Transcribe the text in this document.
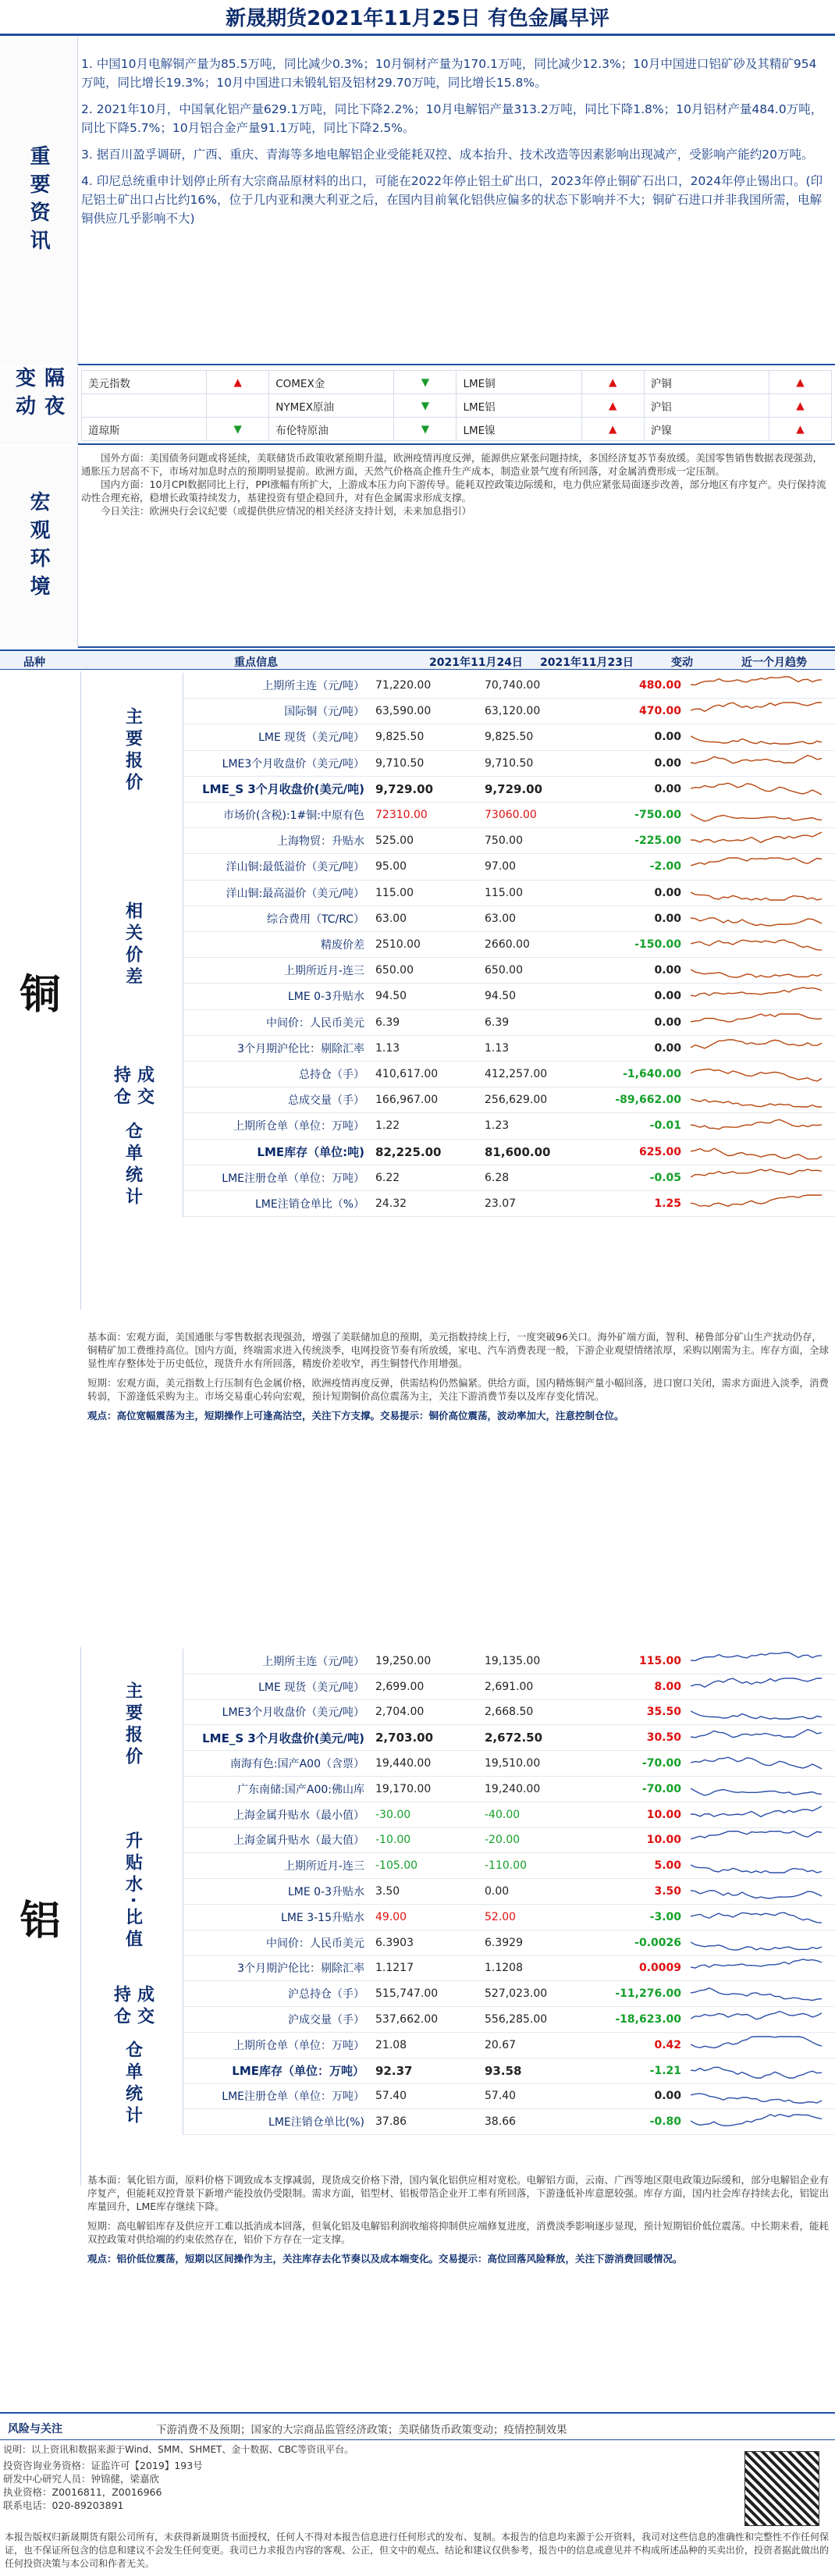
新晟期货2021年11月25日 有色金属早评
重要资讯

1. 中国10月电解铜产量为85.5万吨，同比减少0.3%；10月铜材产量为170.1万吨，同比减少12.3%；10月中国进口铝矿砂及其精矿954万吨，同比增长19.3%；10月中国进口未锻轧铝及铝材29.70万吨，同比增长15.8%。

2. 2021年10月，中国氧化铝产量629.1万吨，同比下降2.2%；10月电解铝产量313.2万吨，同比下降1.8%；10月铝材产量484.0万吨，同比下降5.7%；10月铝合金产量91.1万吨，同比下降2.5%。

3. 据百川盈孚调研，广西、重庆、青海等多地电解铝企业受能耗双控、成本抬升、技术改造等因素影响出现减产，受影响产能约20万吨。

4. 印尼总统重申计划停止所有大宗商品原材料的出口，可能在2022年停止铝土矿出口，2023年停止铜矿石出口，2024年停止锡出口。(印尼铝土矿出口占比约16%，位于几内亚和澳大利亚之后，在国内目前氧化铝供应偏多的状态下影响并不大；铜矿石进口并非我国所需，电解铜供应几乎影响不大)

隔夜变动	美元指数	▲	COMEX金	▼	LME铜	▲	沪铜	▲
		NYMEX原油	▼	LME铝	▲	沪铝	▲
道琼斯	▼	布伦特原油	▼	LME镍	▲	沪镍	▲
宏观环境

国外方面：美国债务问题或将延续，美联储货币政策收紧预期升温，欧洲疫情再度反弹，能源供应紧张问题持续，多国经济复苏节奏放缓。美国零售销售数据表现强劲，通胀压力居高不下，市场对加息时点的预期明显提前。欧洲方面，天然气价格高企推升生产成本，制造业景气度有所回落，对金属消费形成一定压制。

国内方面：10月CPI数据同比上行，PPI涨幅有所扩大，上游成本压力向下游传导。能耗双控政策边际缓和，电力供应紧张局面逐步改善，部分地区有序复产。央行保持流动性合理充裕，稳增长政策持续发力，基建投资有望企稳回升，对有色金属需求形成支撑。

今日关注：欧洲央行会议纪要（或提供供应情况的相关经济支持计划，未来加息指引）

品种	重点信息	2021年11月24日 2021年11月23日	变动	近一个月趋势
铜
主要报价
上期所主连（元/吨）	71,220.00	70,740.00	480.00
国际铜（元/吨）	63,590.00	63,120.00	470.00
LME 现货（美元/吨）	9,825.50	9,825.50	0.00
LME3个月收盘价（美元/吨）	9,710.50	9,710.50	0.00
LME_S 3个月收盘价(美元/吨) 9,729.00	9,729.00	0.00
市场价(含税):1#铜:中原有色	72310.00	73060.00	-750.00
相关价差
上海物贸：升贴水	525.00	750.00	-225.00
洋山铜:最低溢价（美元/吨）	95.00	97.00	-2.00
洋山铜:最高溢价（美元/吨）	115.00	115.00	0.00
综合费用（TC/RC）	63.00	63.00	0.00
精废价差	2510.00	2660.00	-150.00
上期所近月-连三	650.00	650.00	0.00
LME 0-3升贴水	94.50	94.50	0.00
中间价：人民币美元	6.39	6.39	0.00
3个月期沪伦比：剔除汇率	1.13	1.13	0.00
成交持仓	总持仓（手）	410,617.00	412,257.00	-1,640.00
总成交量（手）	166,967.00	256,629.00	-89,662.00
仓单统计	上期所仓单（单位：万吨）	1.22	1.23	-0.01
LME库存（单位:吨) 82,225.00	81,600.00	625.00
LME注册仓单（单位：万吨）	6.22	6.28	-0.05
LME注销仓单比（%）	24.32	23.07	1.25

基本面：宏观方面，美国通胀与零售数据表现强劲，增强了美联储加息的预期，美元指数持续上行，一度突破96关口。海外矿端方面，智利、秘鲁部分矿山生产扰动仍存，铜精矿加工费维持高位。国内方面，终端需求进入传统淡季，电网投资节奏有所放缓，家电、汽车消费表现一般，下游企业观望情绪浓厚，采购以刚需为主。库存方面，全球显性库存整体处于历史低位，现货升水有所回落，精废价差收窄，再生铜替代作用增强。

短期：宏观方面，美元指数上行压制有色金属价格，欧洲疫情再度反弹，供需结构仍然偏紧。供给方面，国内精炼铜产量小幅回落，进口窗口关闭，需求方面进入淡季，消费转弱，下游逢低采购为主。市场交易重心转向宏观，预计短期铜价高位震荡为主，关注下游消费节奏以及库存变化情况。

观点：高位宽幅震荡为主，短期操作上可逢高沽空，关注下方支撑。交易提示：铜价高位震荡，波动率加大，注意控制仓位。

铝
主要报价
上期所主连（元/吨）	19,250.00	19,135.00	115.00
LME 现货（美元/吨）	2,699.00	2,691.00	8.00
LME3个月收盘价（美元/吨）	2,704.00	2,668.50	35.50
LME_S 3个月收盘价(美元/吨) 2,703.00	2,672.50	30.50
南海有色:国产A00（含票）	19,440.00	19,510.00	-70.00
广东南储:国产A00:佛山库	19,170.00	19,240.00	-70.00
升贴水·比值
上海金属升贴水（最小值）	-30.00	-40.00	10.00
上海金属升贴水（最大值）	-10.00	-20.00	10.00
上期所近月-连三	-105.00	-110.00	5.00
LME 0-3升贴水	3.50	0.00	3.50
LME 3-15升贴水	49.00	52.00	-3.00
中间价：人民币美元	6.3903	6.3929	-0.0026
3个月期沪伦比：剔除汇率	1.1217	1.1208	0.0009
成交持仓	沪总持仓（手）	515,747.00	527,023.00	-11,276.00
沪成交量（手）	537,662.00	556,285.00	-18,623.00
仓单统计	上期所仓单（单位：万吨）	21.08	20.67	0.42
LME库存（单位：万吨） 92.37	93.58	-1.21
LME注册仓单（单位：万吨）	57.40	57.40	0.00
LME注销仓单比(%)	37.86	38.66	-0.80

基本面：氧化铝方面，原料价格下调致成本支撑减弱，现货成交价格下滑，国内氧化铝供应相对宽松。电解铝方面，云南、广西等地区限电政策边际缓和，部分电解铝企业有序复产，但能耗双控背景下新增产能投放仍受限制。需求方面，铝型材、铝板带箔企业开工率有所回落，下游逢低补库意愿较强。库存方面，国内社会库存持续去化，铝锭出库量回升，LME库存继续下降。

短期：高电解铝库存及供应开工难以抵消成本回落，但氧化铝及电解铝利润收缩将抑制供应端修复进度，消费淡季影响逐步显现，预计短期铝价低位震荡。中长期来看，能耗双控政策对供给端的约束依然存在，铝价下方存在一定支撑。

观点：铝价低位震荡，短期以区间操作为主，关注库存去化节奏以及成本端变化。交易提示：高位回落风险释放，关注下游消费回暖情况。

风险与关注	下游消费不及预期；国家的大宗商品监管经济政策；美联储货币政策变动；疫情控制效果
说明：以上资讯和数据来源于Wind、SMM、SHMET、金十数据、CBC等资讯平台。
投资咨询业务资格：证监许可【2019】193号
研发中心研究人员：钟锦健，梁嘉欣
执业资格：Z0016811，Z0016966
联系电话：020-89203891
本报告版权归新晟期货有限公司所有，未获得新晟期货书面授权，任何人不得对本报告信息进行任何形式的发布、复制。本报告的信息均来源于公开资料，我司对这些信息的准确性和完整性不作任何保证，也不保证所包含的信息和建议不会发生任何变更。我司已力求报告内容的客观、公正，但文中的观点、结论和建议仅供参考，报告中的信息或意见并不构成所述品种的买卖出价，投资者据此做出的任何投资决策与本公司和作者无关。
